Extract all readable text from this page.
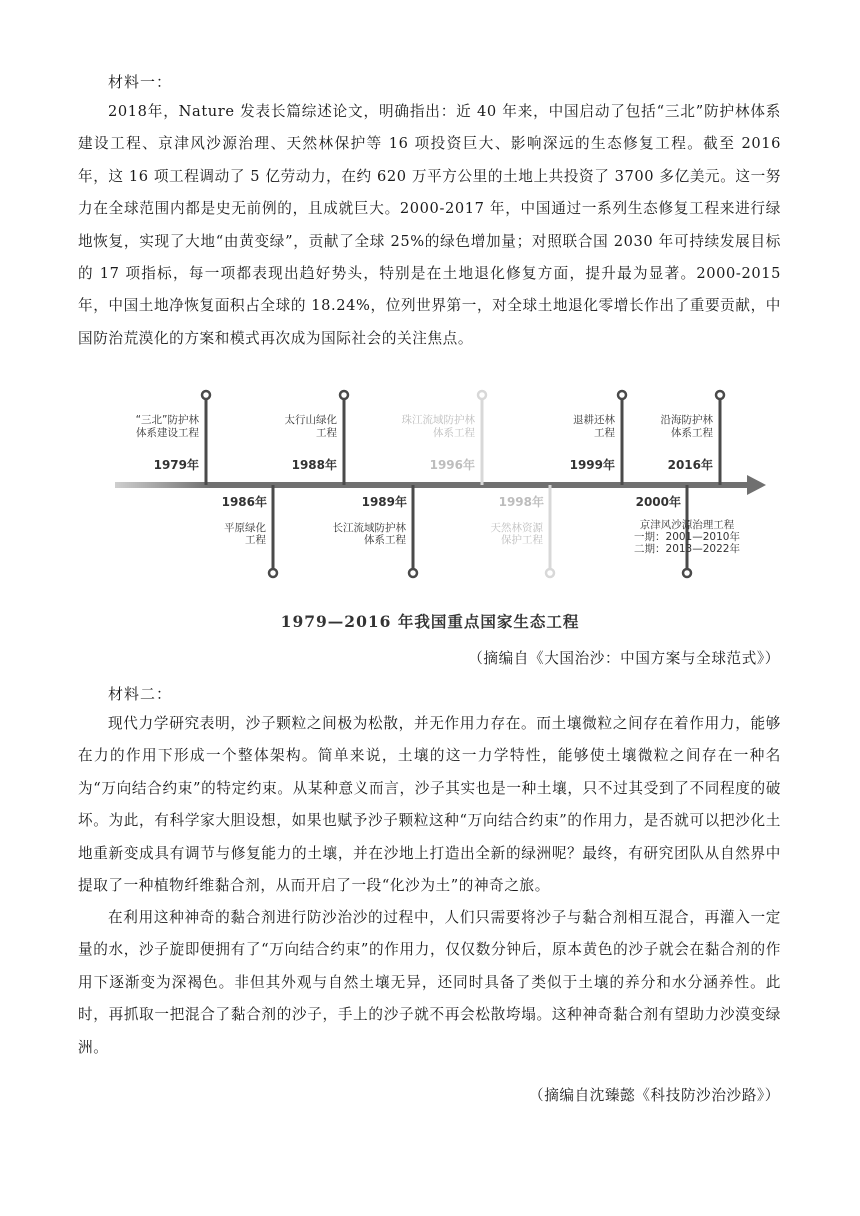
材料一：

2018年，Nature 发表长篇综述论文，明确指出：近 40 年来，中国启动了包括“三北”防护林体系建设工程、京津风沙源治理、天然林保护等 16 项投资巨大、影响深远的生态修复工程。截至 2016 年，这 16 项工程调动了 5 亿劳动力，在约 620 万平方公里的土地上共投资了 3700 多亿美元。这一努力在全球范围内都是史无前例的，且成就巨大。2000-2017 年，中国通过一系列生态修复工程来进行绿地恢复，实现了大地“由黄变绿”，贡献了全球 25%的绿色增加量；对照联合国 2030 年可持续发展目标的 17 项指标，每一项都表现出趋好势头，特别是在土地退化修复方面，提升最为显著。2000-2015 年，中国土地净恢复面积占全球的 18.24%，位列世界第一，对全球土地退化零增长作出了重要贡献，中国防治荒漠化的方案和模式再次成为国际社会的关注焦点。

1979年
“三北”防护林
体系建设工程
1986年
平原绿化
工程
1988年
太行山绿化
工程
1989年
长江流域防护林
体系工程
1996年
珠江流域防护林
体系工程
1998年
天然林资源
保护工程
1999年
退耕还林
工程
2000年
京津风沙源治理工程
一期：2001—2010年
二期：2013—2022年
2016年
沿海防护林
体系工程
1979—2016 年我国重点国家生态工程
（摘编自《大国治沙：中国方案与全球范式》）
材料二：

现代力学研究表明，沙子颗粒之间极为松散，并无作用力存在。而土壤微粒之间存在着作用力，能够在力的作用下形成一个整体架构。简单来说，土壤的这一力学特性，能够使土壤微粒之间存在一种名为“万向结合约束”的特定约束。从某种意义而言，沙子其实也是一种土壤，只不过其受到了不同程度的破坏。为此，有科学家大胆设想，如果也赋予沙子颗粒这种“万向结合约束”的作用力，是否就可以把沙化土地重新变成具有调节与修复能力的土壤，并在沙地上打造出全新的绿洲呢？最终，有研究团队从自然界中提取了一种植物纤维黏合剂，从而开启了一段“化沙为土”的神奇之旅。

在利用这种神奇的黏合剂进行防沙治沙的过程中，人们只需要将沙子与黏合剂相互混合，再灌入一定量的水，沙子旋即便拥有了“万向结合约束”的作用力，仅仅数分钟后，原本黄色的沙子就会在黏合剂的作用下逐渐变为深褐色。非但其外观与自然土壤无异，还同时具备了类似于土壤的养分和水分涵养性。此时，再抓取一把混合了黏合剂的沙子，手上的沙子就不再会松散垮塌。这种神奇黏合剂有望助力沙漠变绿洲。

（摘编自沈臻懿《科技防沙治沙路》）
